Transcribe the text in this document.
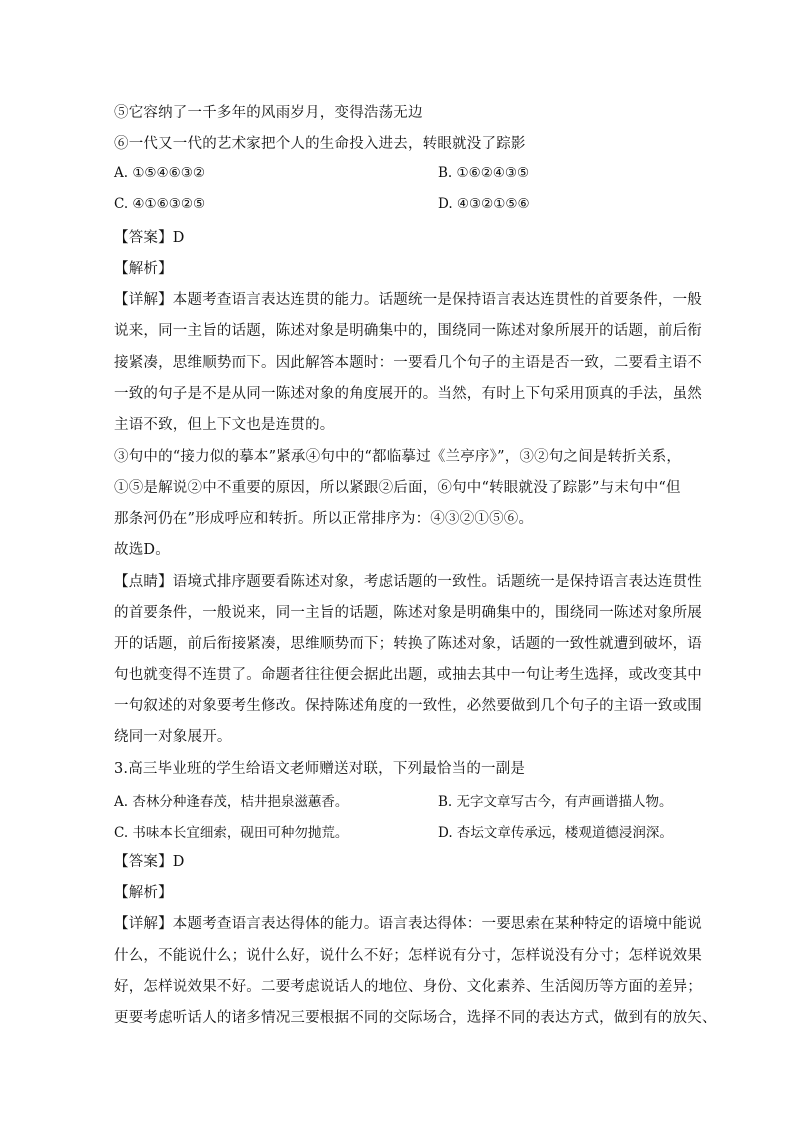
⑤它容纳了一千多年的风雨岁月，变得浩荡无边
⑥一代又一代的艺术家把个人的生命投入进去，转眼就没了踪影
A. ①⑤④⑥③②	B. ①⑥②④③⑤
C. ④①⑥③②⑤	D. ④③②①⑤⑥
【答案】D
【解析】
【详解】本题考查语言表达连贯的能力。话题统一是保持语言表达连贯性的首要条件，一般
说来，同一主旨的话题，陈述对象是明确集中的，围绕同一陈述对象所展开的话题，前后衔
接紧凑，思维顺势而下。因此解答本题时：一要看几个句子的主语是否一致，二要看主语不
一致的句子是不是从同一陈述对象的角度展开的。当然，有时上下句采用顶真的手法，虽然
主语不致，但上下文也是连贯的。
③句中的“接力似的摹本”紧承④句中的“都临摹过《兰亭序》”，③②句之间是转折关系，
①⑤是解说②中不重要的原因，所以紧跟②后面，⑥句中“转眼就没了踪影”与末句中“但
那条河仍在”形成呼应和转折。所以正常排序为：④③②①⑤⑥。
故选D。
【点睛】语境式排序题要看陈述对象，考虑话题的一致性。话题统一是保持语言表达连贯性
的首要条件，一般说来，同一主旨的话题，陈述对象是明确集中的，围绕同一陈述对象所展
开的话题，前后衔接紧凑，思维顺势而下；转换了陈述对象，话题的一致性就遭到破坏，语
句也就变得不连贯了。命题者往往便会据此出题，或抽去其中一句让考生选择，或改变其中
一句叙述的对象要考生修改。保持陈述角度的一致性，必然要做到几个句子的主语一致或围
绕同一对象展开。
3.高三毕业班的学生给语文老师赠送对联，下列最恰当的一副是
A. 杏林分种逢春茂，桔井挹泉滋蕙香。	B. 无字文章写古今，有声画谱描人物。
C. 书味本长宜细索，砚田可种勿抛荒。	D. 杏坛文章传承远，楼观道德浸润深。
【答案】D
【解析】
【详解】本题考查语言表达得体的能力。语言表达得体：一要思索在某种特定的语境中能说
什么，不能说什么；说什么好，说什么不好；怎样说有分寸，怎样说没有分寸；怎样说效果
好，怎样说效果不好。二要考虑说话人的地位、身份、文化素养、生活阅历等方面的差异；
更要考虑听话人的诸多情况三要根据不同的交际场合，选择不同的表达方式，做到有的放矢、
